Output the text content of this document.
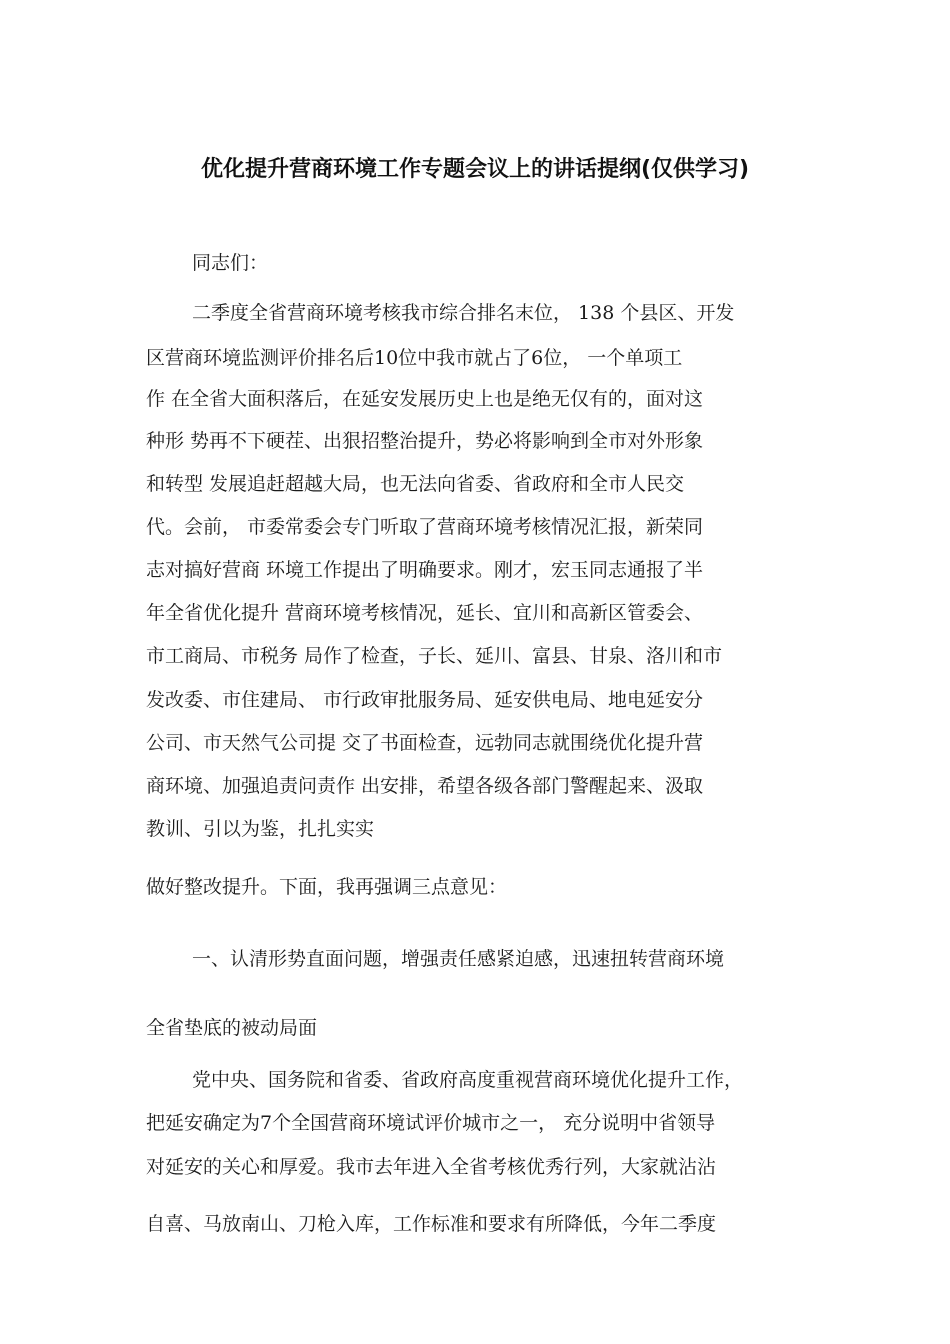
优化提升营商环境工作专题会议上的讲话提纲(仅供学习)
同志们：
二季度全省营商环境考核我市综合排名末位， 138 个县区、开发
区营商环境监测评价排名后10位中我市就占了6位， 一个单项工
作 在全省大面积落后，在延安发展历史上也是绝无仅有的，面对这
种形 势再不下硬茬、出狠招整治提升，势必将影响到全市对外形象
和转型 发展追赶超越大局，也无法向省委、省政府和全市人民交
代。会前， 市委常委会专门听取了营商环境考核情况汇报，新荣同
志对搞好营商 环境工作提出了明确要求。刚才，宏玉同志通报了半
年全省优化提升 营商环境考核情况，延长、宜川和高新区管委会、
市工商局、市税务 局作了检查，子长、延川、富县、甘泉、洛川和市
发改委、市住建局、 市行政审批服务局、延安供电局、地电延安分
公司、市天然气公司提 交了书面检查，远勃同志就围绕优化提升营
商环境、加强追责问责作 出安排，希望各级各部门警醒起来、汲取
教训、引以为鉴，扎扎实实
做好整改提升。下面，我再强调三点意见：
一、认清形势直面问题，增强责任感紧迫感，迅速扭转营商环境
全省垫底的被动局面
党中央、国务院和省委、省政府高度重视营商环境优化提升工作，
把延安确定为7个全国营商环境试评价城市之一， 充分说明中省领导
对延安的关心和厚爱。我市去年进入全省考核优秀行列，大家就沾沾
自喜、马放南山、刀枪入库，工作标准和要求有所降低，今年二季度
